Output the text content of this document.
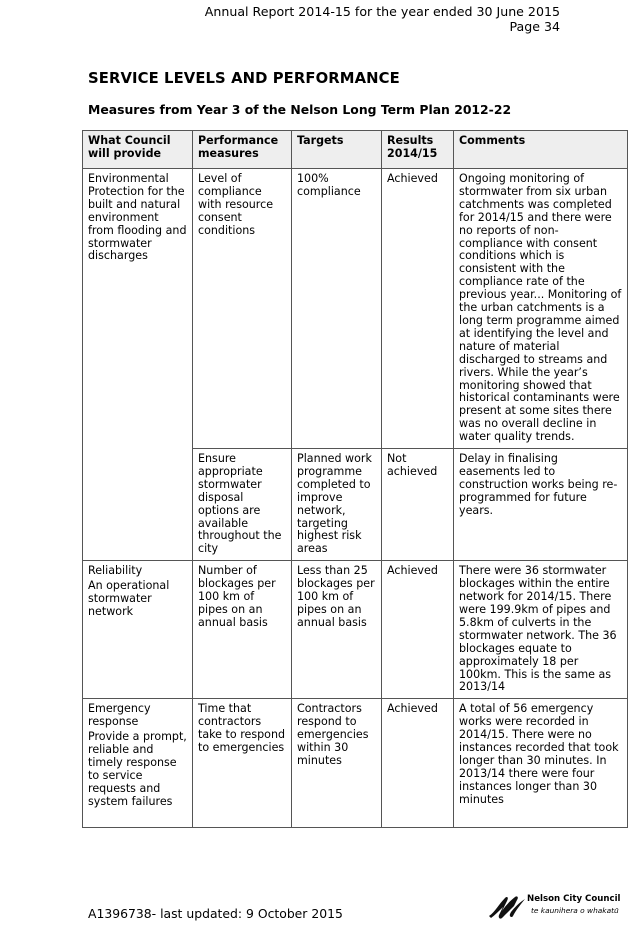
Annual Report 2014-15 for the year ended 30 June 2015
Page 34
SERVICE LEVELS AND PERFORMANCE
Measures from Year 3 of the Nelson Long Term Plan 2012-22
What Council will provide	Performance measures	Targets	Results 2014/15	Comments

Environmental Protection for the built and natural environment from flooding and stormwater discharges	Level of compliance with resource consent conditions	100% compliance	Achieved	Ongoing monitoring of stormwater from six urban catchments was completed for 2014/15 and there were no reports of non-compliance with consent conditions which is consistent with the compliance rate of the previous year... Monitoring of the urban catchments is a long term programme aimed at identifying the level and nature of material discharged to streams and rivers. While the year’s monitoring showed that historical contaminants were present at some sites there was no overall decline in water quality trends.
	Ensure appropriate stormwater disposal options are available throughout the city	Planned work programme completed to improve network, targeting highest risk areas	Not achieved	Delay in finalising easements led to construction works being re-programmed for future years.

Reliability

An operational stormwater network	Number of blockages per 100 km of pipes on an annual basis	Less than 25 blockages per 100 km of pipes on an annual basis	Achieved	There were 36 stormwater blockages within the entire network for 2014/15. There were 199.9km of pipes and 5.8km of culverts in the stormwater network. The 36 blockages equate to approximately 18 per 100km. This is the same as 2013/14

Emergency response

Provide a prompt, reliable and timely response to service requests and system failures	Time that contractors take to respond to emergencies	Contractors respond to emergencies within 30 minutes	Achieved	A total of 56 emergency works were recorded in 2014/15. There were no instances recorded that took longer than 30 minutes. In 2013/14 there were four instances longer than 30 minutes
A1396738- last updated: 9 October 2015
Nelson City Council
te kaunihera o whakatū
